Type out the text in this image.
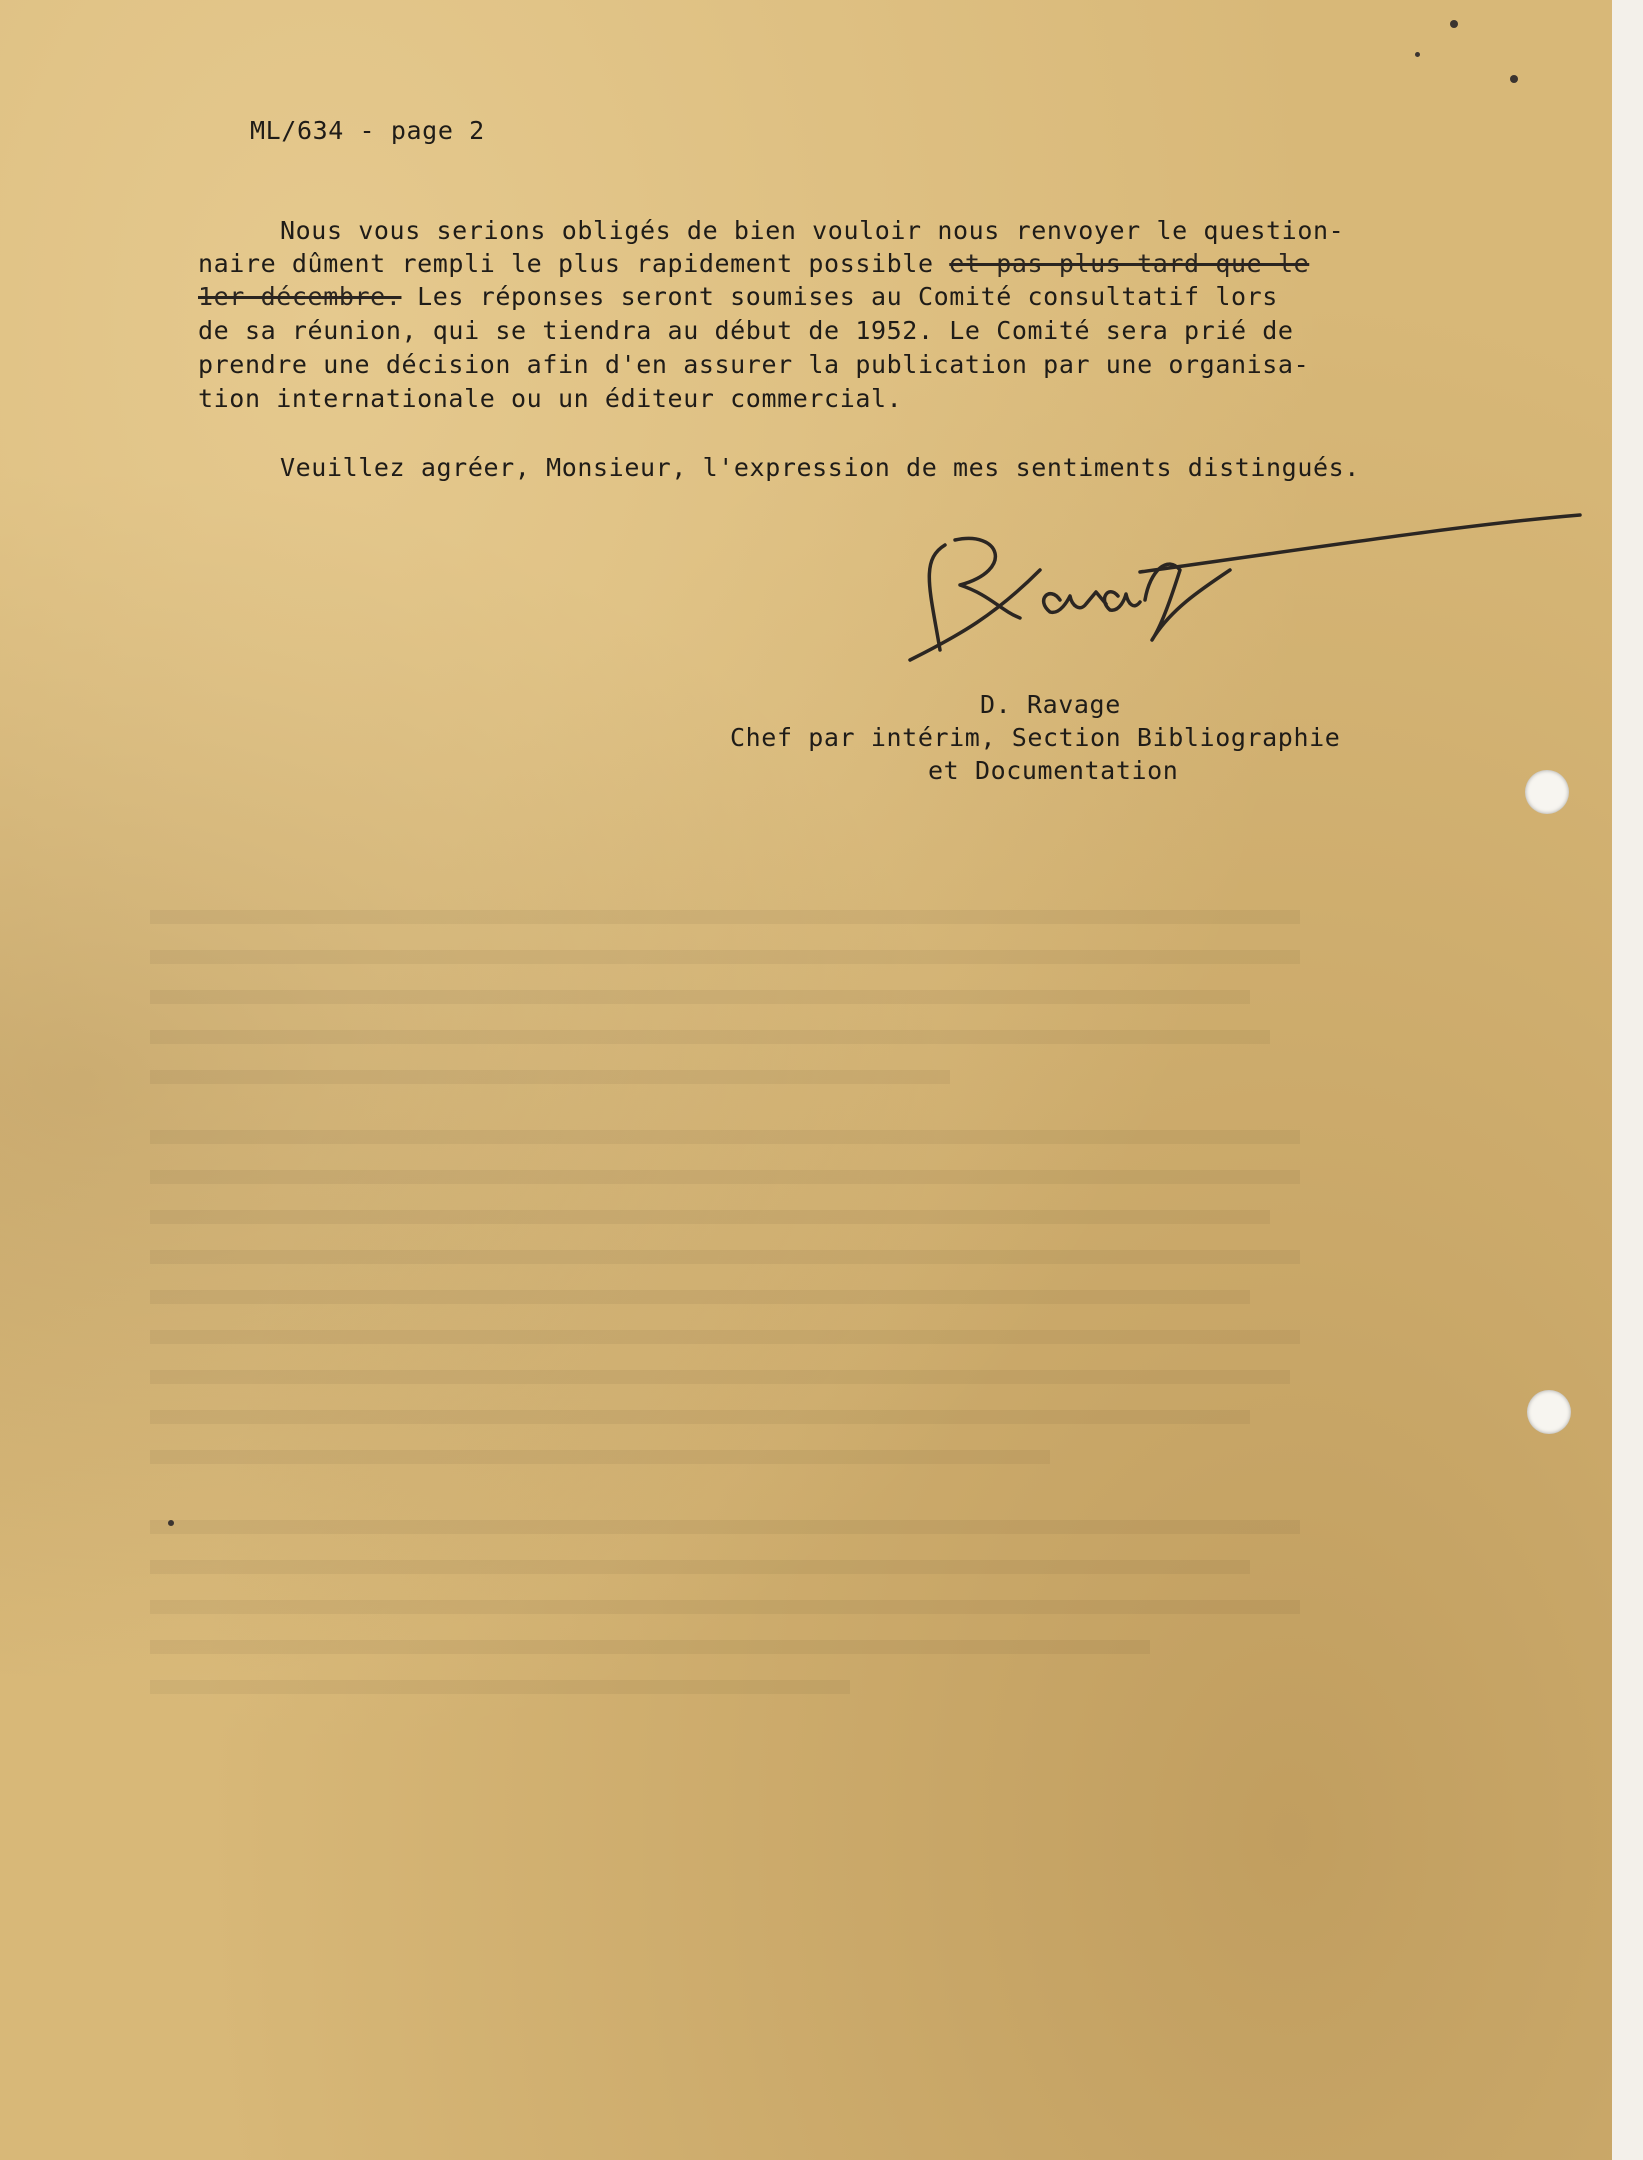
ML/634 - page 2
Nous vous serions obligés de bien vouloir nous renvoyer le question-
naire dûment rempli le plus rapidement possible et pas plus tard que le
1er décembre. Les réponses seront soumises au Comité consultatif lors
de sa réunion, qui se tiendra au début de 1952. Le Comité sera prié de
prendre une décision afin d'en assurer la publication par une organisa-
tion internationale ou un éditeur commercial.
Veuillez agréer, Monsieur, l'expression de mes sentiments distingués.
D. Ravage
Chef par intérim, Section Bibliographie
et Documentation
